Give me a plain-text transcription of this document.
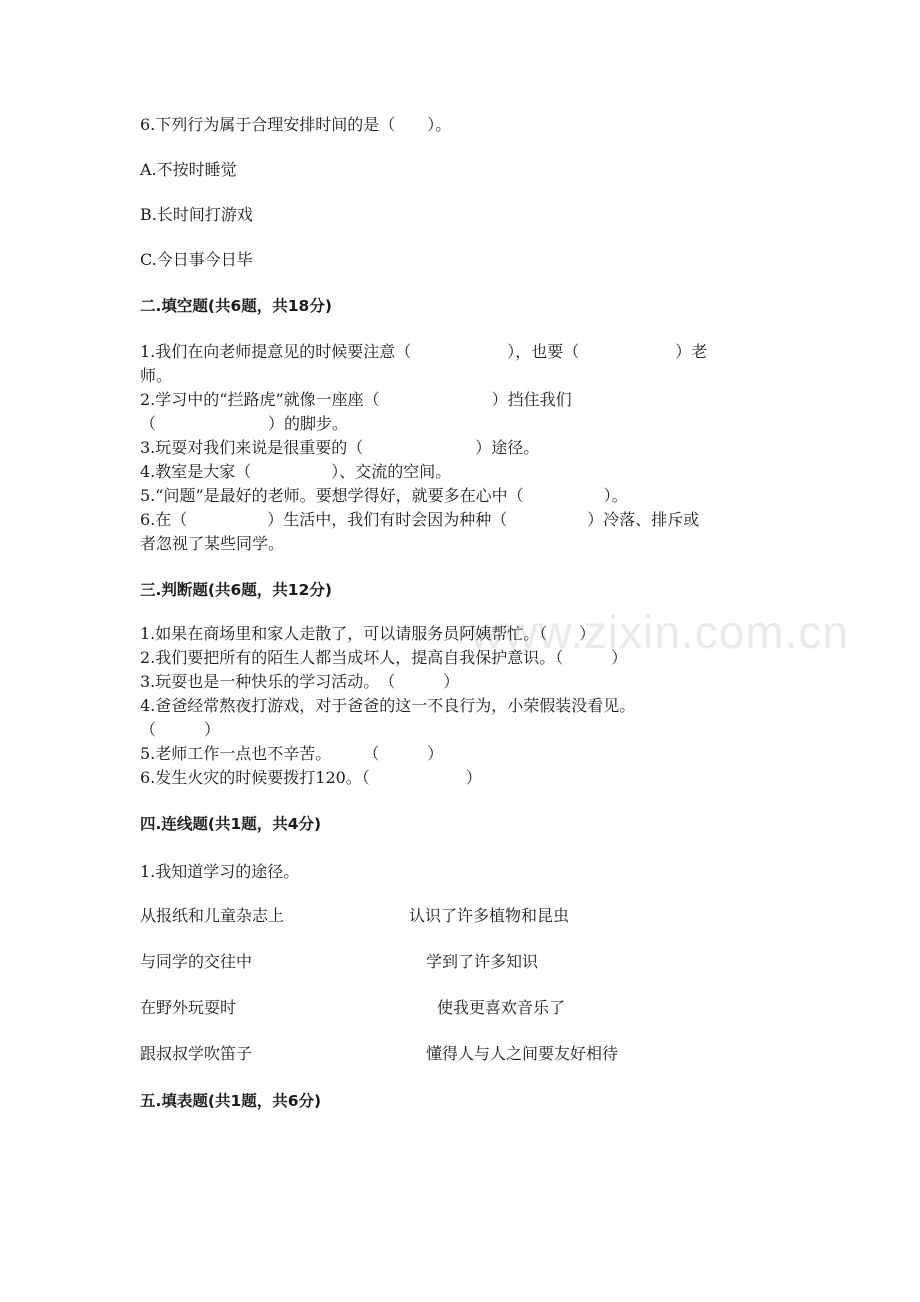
6.下列行为属于合理安排时间的是（　　）。
A.不按时睡觉
B.长时间打游戏
C.今日事今日毕
二.填空题(共6题，共18分)
1.我们在向老师提意见的时候要注意（　　　　　　），也要（　　　　　　）老
师。
2.学习中的“拦路虎”就像一座座（　　　　　　　）挡住我们
（　　　　　　　）的脚步。
3.玩耍对我们来说是很重要的（　　　　　　　）途径。
4.教室是大家（　　　　　）、交流的空间。
5.“问题”是最好的老师。要想学得好，就要多在心中（　　　　　）。
6.在（　　　　　）生活中，我们有时会因为种种（　　　　　）冷落、排斥或
者忽视了某些同学。
三.判断题(共6题，共12分)
www.zixin.com.cn
1.如果在商场里和家人走散了，可以请服务员阿姨帮忙。（　　）
2.我们要把所有的陌生人都当成坏人，提高自我保护意识。（　　　）
3.玩耍也是一种快乐的学习活动。　（　　　）
4.爸爸经常熬夜打游戏，对于爸爸的这一不良行为，小荣假装没看见。
（　　　）
5.老师工作一点也不辛苦。　　　（　　　）
6.发生火灾的时候要拨打120。（　　　　　　）
四.连线题(共1题，共4分)
1.我知道学习的途径。
从报纸和儿童杂志上	认识了许多植物和昆虫
与同学的交往中	学到了许多知识
在野外玩耍时	使我更喜欢音乐了
跟叔叔学吹笛子	懂得人与人之间要友好相待
五.填表题(共1题，共6分)
